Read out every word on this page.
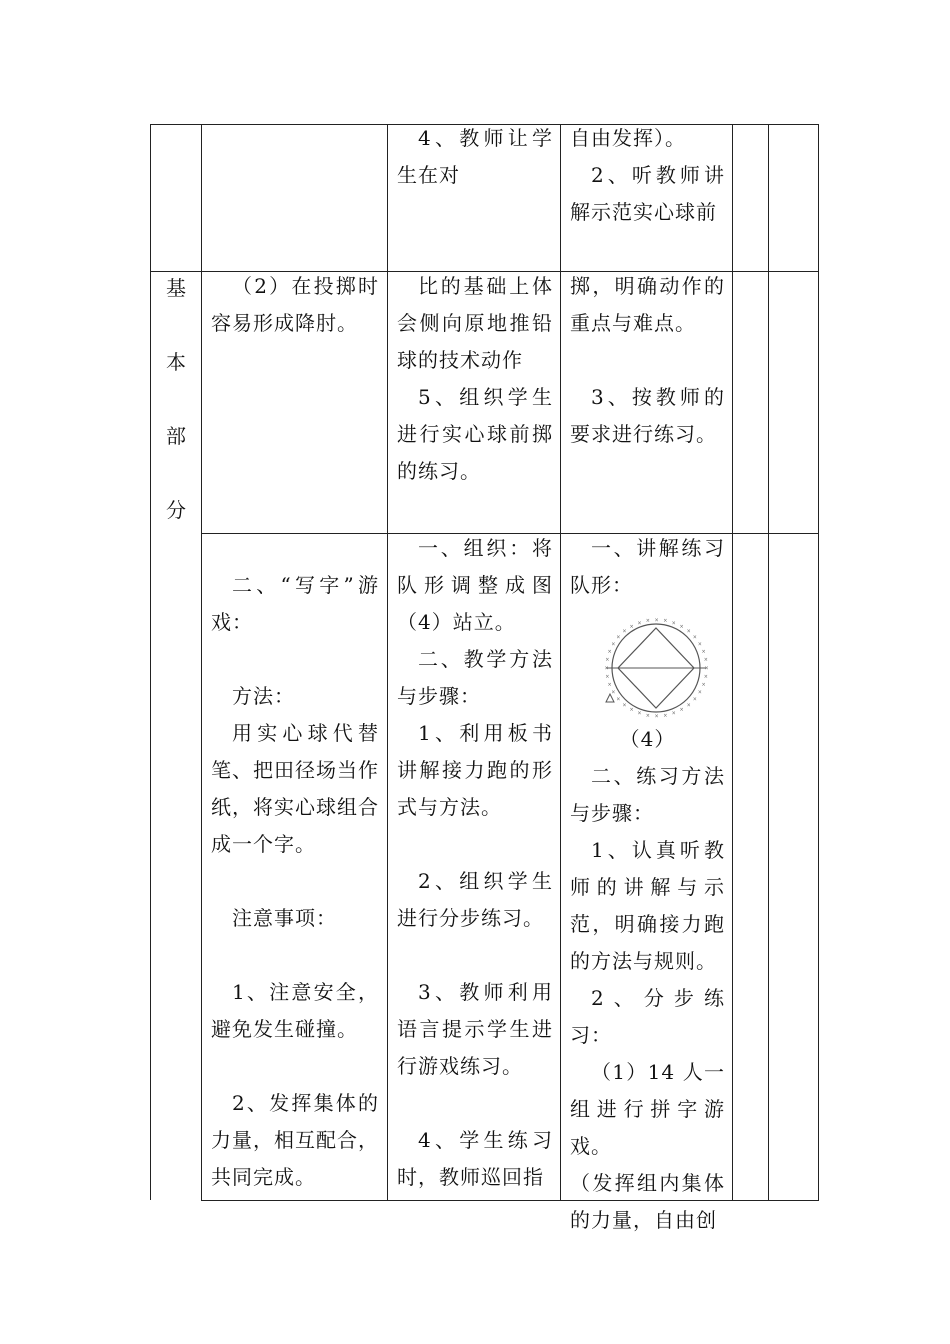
基
本
部
分

4、教师让学生在对

自由发挥）。

2、听教师讲解示范实心球前

（2）在投掷时容易形成降肘。

比的基础上体会侧向原地推铅球的技术动作

5、组织学生进行实心球前掷的练习。

掷，明确动作的重点与难点。

3、按教师的要求进行练习。

二、“写字”游戏：

方法：

用实心球代替笔、把田径场当作纸，将实心球组合成一个字。

注意事项：

1、注意安全，避免发生碰撞。

2、发挥集体的力量，相互配合，共同完成。

一、组织：将队形调整成图（4）站立。

二、教学方法与步骤：

1、利用板书讲解接力跑的形式与方法。

2、组织学生进行分步练习。

3、教师利用语言提示学生进行游戏练习。

4、学生练习时，教师巡回指

一、讲解练习队形：

×
×
×
×
×
×
×
×
×
×
×
×
×
×
×
×
×
×
×
×
×
×
×
×
×
× × × × ×
×
×
×
×
×
×

（4）

二、练习方法与步骤：

1、认真听教师的讲解与示范，明确接力跑的方法与规则。

2、分步练习：

（1）14 人一组进行拼字游戏。

（发挥组内集体的力量，自由创
